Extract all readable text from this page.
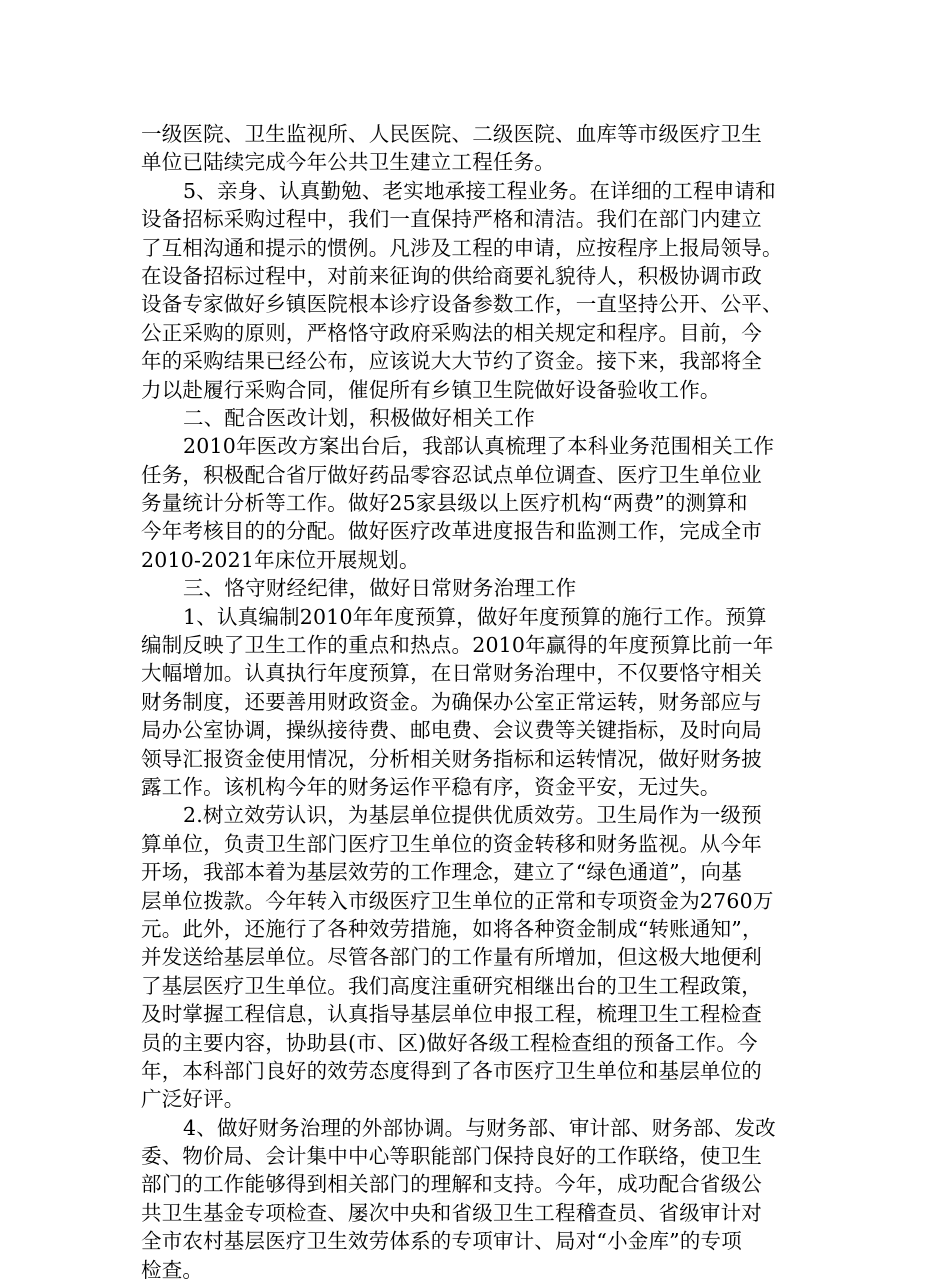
一级医院、卫生监视所、人民医院、二级医院、血库等市级医疗卫生
单位已陆续完成今年公共卫生建立工程任务。
5、亲身、认真勤勉、老实地承接工程业务。在详细的工程申请和
设备招标采购过程中，我们一直保持严格和清洁。我们在部门内建立
了互相沟通和提示的惯例。凡涉及工程的申请，应按程序上报局领导。
在设备招标过程中，对前来征询的供给商要礼貌待人，积极协调市政
设备专家做好乡镇医院根本诊疗设备参数工作，一直坚持公开、公平、
公正采购的原则，严格恪守政府采购法的相关规定和程序。目前，今
年的采购结果已经公布，应该说大大节约了资金。接下来，我部将全
力以赴履行采购合同，催促所有乡镇卫生院做好设备验收工作。
二、配合医改计划，积极做好相关工作
2010年医改方案出台后，我部认真梳理了本科业务范围相关工作
任务，积极配合省厅做好药品零容忍试点单位调查、医疗卫生单位业
务量统计分析等工作。做好25家县级以上医疗机构“两费”的测算和
今年考核目的的分配。做好医疗改革进度报告和监测工作，完成全市
2010-2021年床位开展规划。
三、恪守财经纪律，做好日常财务治理工作
1、认真编制2010年年度预算，做好年度预算的施行工作。预算
编制反映了卫生工作的重点和热点。2010年赢得的年度预算比前一年
大幅增加。认真执行年度预算，在日常财务治理中，不仅要恪守相关
财务制度，还要善用财政资金。为确保办公室正常运转，财务部应与
局办公室协调，操纵接待费、邮电费、会议费等关键指标，及时向局
领导汇报资金使用情况，分析相关财务指标和运转情况，做好财务披
露工作。该机构今年的财务运作平稳有序，资金平安，无过失。
2.树立效劳认识，为基层单位提供优质效劳。卫生局作为一级预
算单位，负责卫生部门医疗卫生单位的资金转移和财务监视。从今年
开场，我部本着为基层效劳的工作理念，建立了“绿色通道”，向基
层单位拨款。今年转入市级医疗卫生单位的正常和专项资金为2760万
元。此外，还施行了各种效劳措施，如将各种资金制成“转账通知”，
并发送给基层单位。尽管各部门的工作量有所增加，但这极大地便利
了基层医疗卫生单位。我们高度注重研究相继出台的卫生工程政策，
及时掌握工程信息，认真指导基层单位申报工程，梳理卫生工程检查
员的主要内容，协助县(市、区)做好各级工程检查组的预备工作。今
年，本科部门良好的效劳态度得到了各市医疗卫生单位和基层单位的
广泛好评。
4、做好财务治理的外部协调。与财务部、审计部、财务部、发改
委、物价局、会计集中中心等职能部门保持良好的工作联络，使卫生
部门的工作能够得到相关部门的理解和支持。今年，成功配合省级公
共卫生基金专项检查、屡次中央和省级卫生工程稽查员、省级审计对
全市农村基层医疗卫生效劳体系的专项审计、局对“小金库”的专项
检查。
